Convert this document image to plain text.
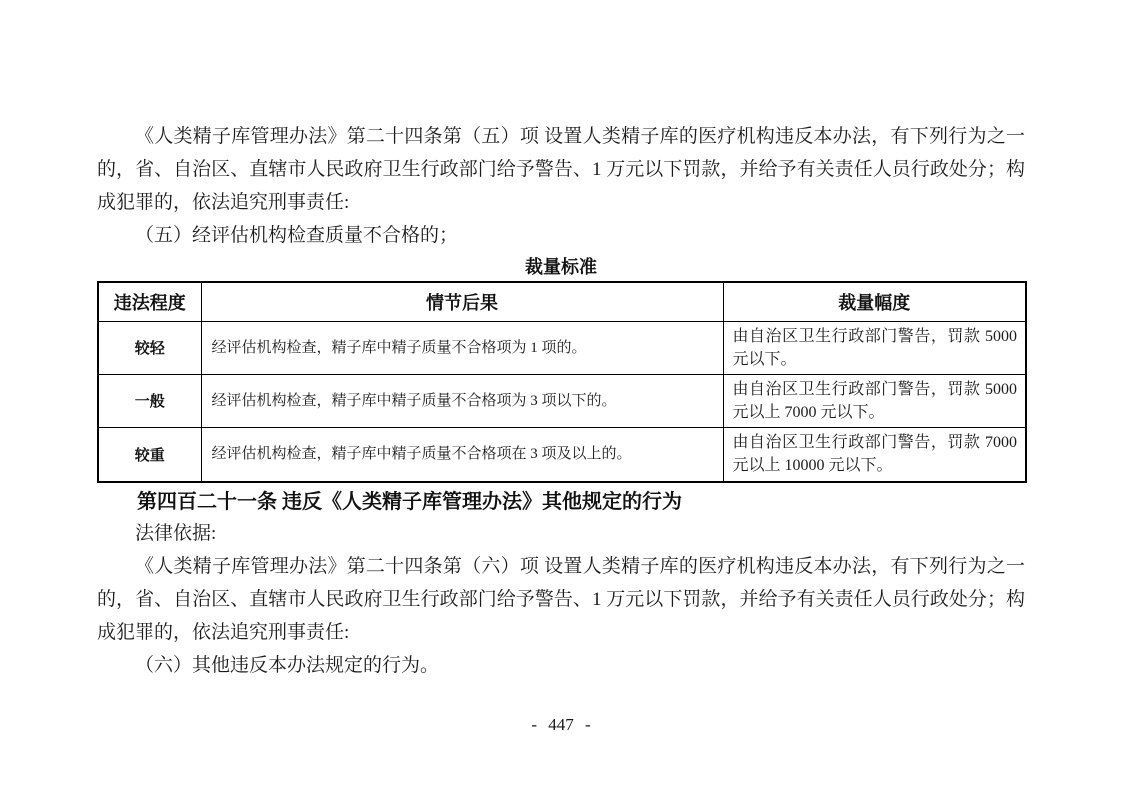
《人类精子库管理办法》第二十四条第（五）项 设置人类精子库的医疗机构违反本办法，有下列行为之一的，省、自治区、直辖市人民政府卫生行政部门给予警告、1 万元以下罚款，并给予有关责任人员行政处分；构成犯罪的，依法追究刑事责任:

（五）经评估机构检查质量不合格的；

裁量标准
违法程度	情节后果	裁量幅度
较轻	经评估机构检查，精子库中精子质量不合格项为 1 项的。	由自治区卫生行政部门警告，罚款 5000 元以下。
一般	经评估机构检查，精子库中精子质量不合格项为 3 项以下的。	由自治区卫生行政部门警告，罚款 5000 元以上 7000 元以下。
较重	经评估机构检查，精子库中精子质量不合格项在 3 项及以上的。	由自治区卫生行政部门警告，罚款 7000 元以上 10000 元以下。

第四百二十一条 违反《人类精子库管理办法》其他规定的行为

法律依据:

《人类精子库管理办法》第二十四条第（六）项 设置人类精子库的医疗机构违反本办法，有下列行为之一的，省、自治区、直辖市人民政府卫生行政部门给予警告、1 万元以下罚款，并给予有关责任人员行政处分；构成犯罪的，依法追究刑事责任:

（六）其他违反本办法规定的行为。

- 447 -
